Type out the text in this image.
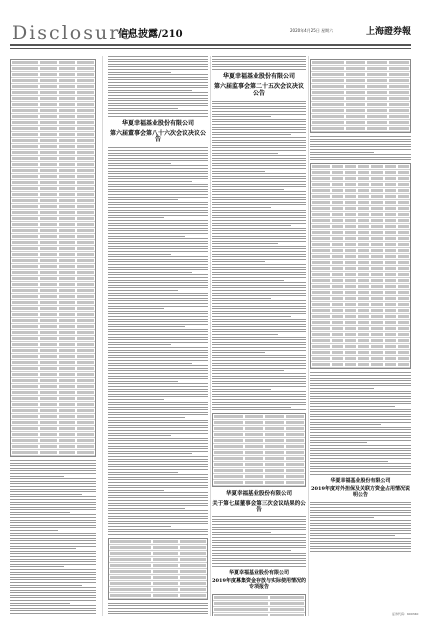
Disclosure
信息披露/210	2020年4月25日 星期六	上海證券報
华夏幸福基业股份有限公司
第六届董事会第八十六次会议决议公告
华夏幸福基业股份有限公司
第六届监事会第二十五次会议决议公告
华夏幸福基业股份有限公司
关于第七届董事会第三次会议结果的公告
华夏幸福基业股份有限公司
2019年度募集资金存放与实际使用情况的专项报告
华夏幸福基业股份有限公司
2019年度对外担保及关联方资金占用情况说明公告
证券代码：600340
